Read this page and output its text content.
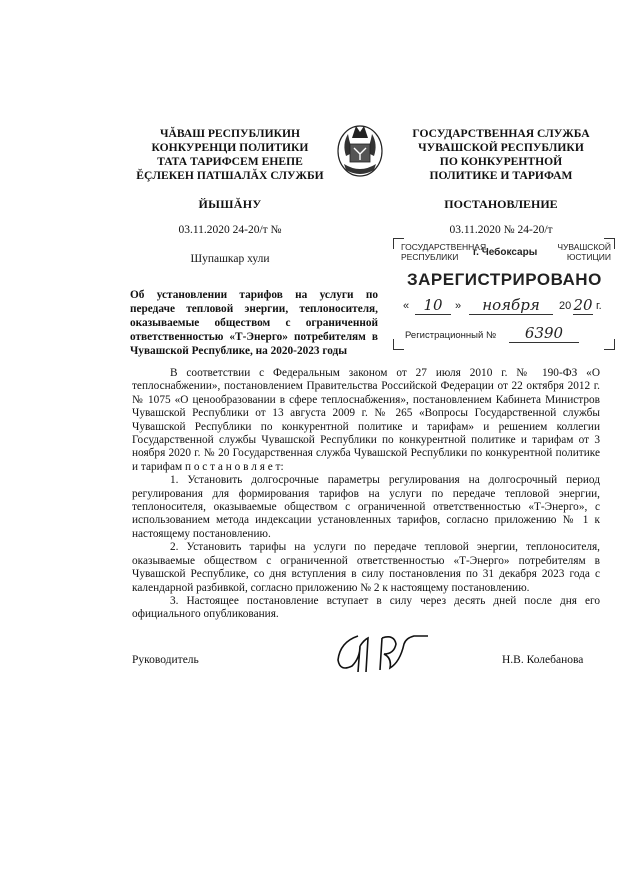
ЧĂВАШ РЕСПУБЛИКИН
КОНКУРЕНЦИ ПОЛИТИКИ
ТАТА ТАРИФСЕМ ЕНЕПЕ
ĔÇЛЕКЕН ПАТШАЛĂХ СЛУЖБИ
ЙЫШĂНУ
03.11.2020 24-20/т №
Шупашкар хули
ГОСУДАРСТВЕННАЯ СЛУЖБА
ЧУВАШСКОЙ РЕСПУБЛИКИ
ПО КОНКУРЕНТНОЙ
ПОЛИТИКЕ И ТАРИФАМ
ПОСТАНОВЛЕНИЕ
03.11.2020 № 24-20/т
ГОСУДАРСТВЕННАЯ
РЕСПУБЛИКИ	г. Чебоксары	ЧУВАШСКОЙ
ЮСТИЦИИ
ЗАРЕГИСТРИРОВАНО
« 10	»	ноября	20 20 г.
Регистрационный №	6390
Об установлении тарифов на услуги по передаче тепловой энергии, теплоносителя, оказываемые обществом с ограниченной ответственностью «Т-Энерго» потребителям в Чувашской Республике, на 2020-2023 годы

В соответствии с Федеральным законом от 27 июля 2010 г. № 190-ФЗ «О теплоснабжении», постановлением Правительства Российской Федерации от 22 октября 2012 г. № 1075 «О ценообразовании в сфере теплоснабжения», постановлением Кабинета Министров Чувашской Республики от 13 августа 2009 г. № 265 «Вопросы Государственной службы Чувашской Республики по конкурентной политике и тарифам» и решением коллегии Государственной службы Чувашской Республики по конкурентной политике и тарифам от 3 ноября 2020 г. № 20 Государственная служба Чувашской Республики по конкурентной политике и тарифам п о с т а н о в л я е т:

1. Установить долгосрочные параметры регулирования на долгосрочный период регулирования для формирования тарифов на услуги по передаче тепловой энергии, теплоносителя, оказываемые обществом с ограниченной ответственностью «Т-Энерго», с использованием метода индексации установленных тарифов, согласно приложению № 1 к настоящему постановлению.

2. Установить тарифы на услуги по передаче тепловой энергии, теплоносителя, оказываемые обществом с ограниченной ответственностью «Т-Энерго» потребителям в Чувашской Республике, со дня вступления в силу постановления по 31 декабря 2023 года с календарной разбивкой, согласно приложению № 2 к настоящему постановлению.

3. Настоящее постановление вступает в силу через десять дней после дня его официального опубликования.

Руководитель	Н.В. Колебанова
